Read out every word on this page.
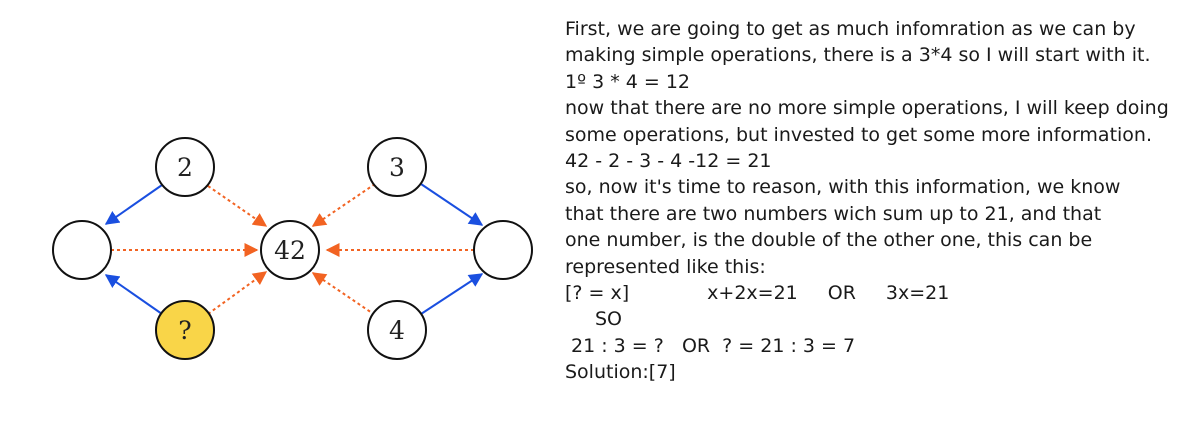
2
?
42
3
4
First, we are going to get as much infomration as we can by
making simple operations, there is a 3*4 so I will start with it.
1º 3 * 4 = 12
now that there are no more simple operations, I will keep doing
some operations, but invested to get some more information.
42 - 2 - 3 - 4 -12 = 21
so, now it's time to reason, with this information, we know
that there are two numbers wich sum up to 21, and that
one number, is the double of the other one, this can be
represented like this:
[? = x]	x+2x=21 OR 3x=21
SO
21 : 3 = ?   OR  ? = 21 : 3 = 7
Solution:[7]
